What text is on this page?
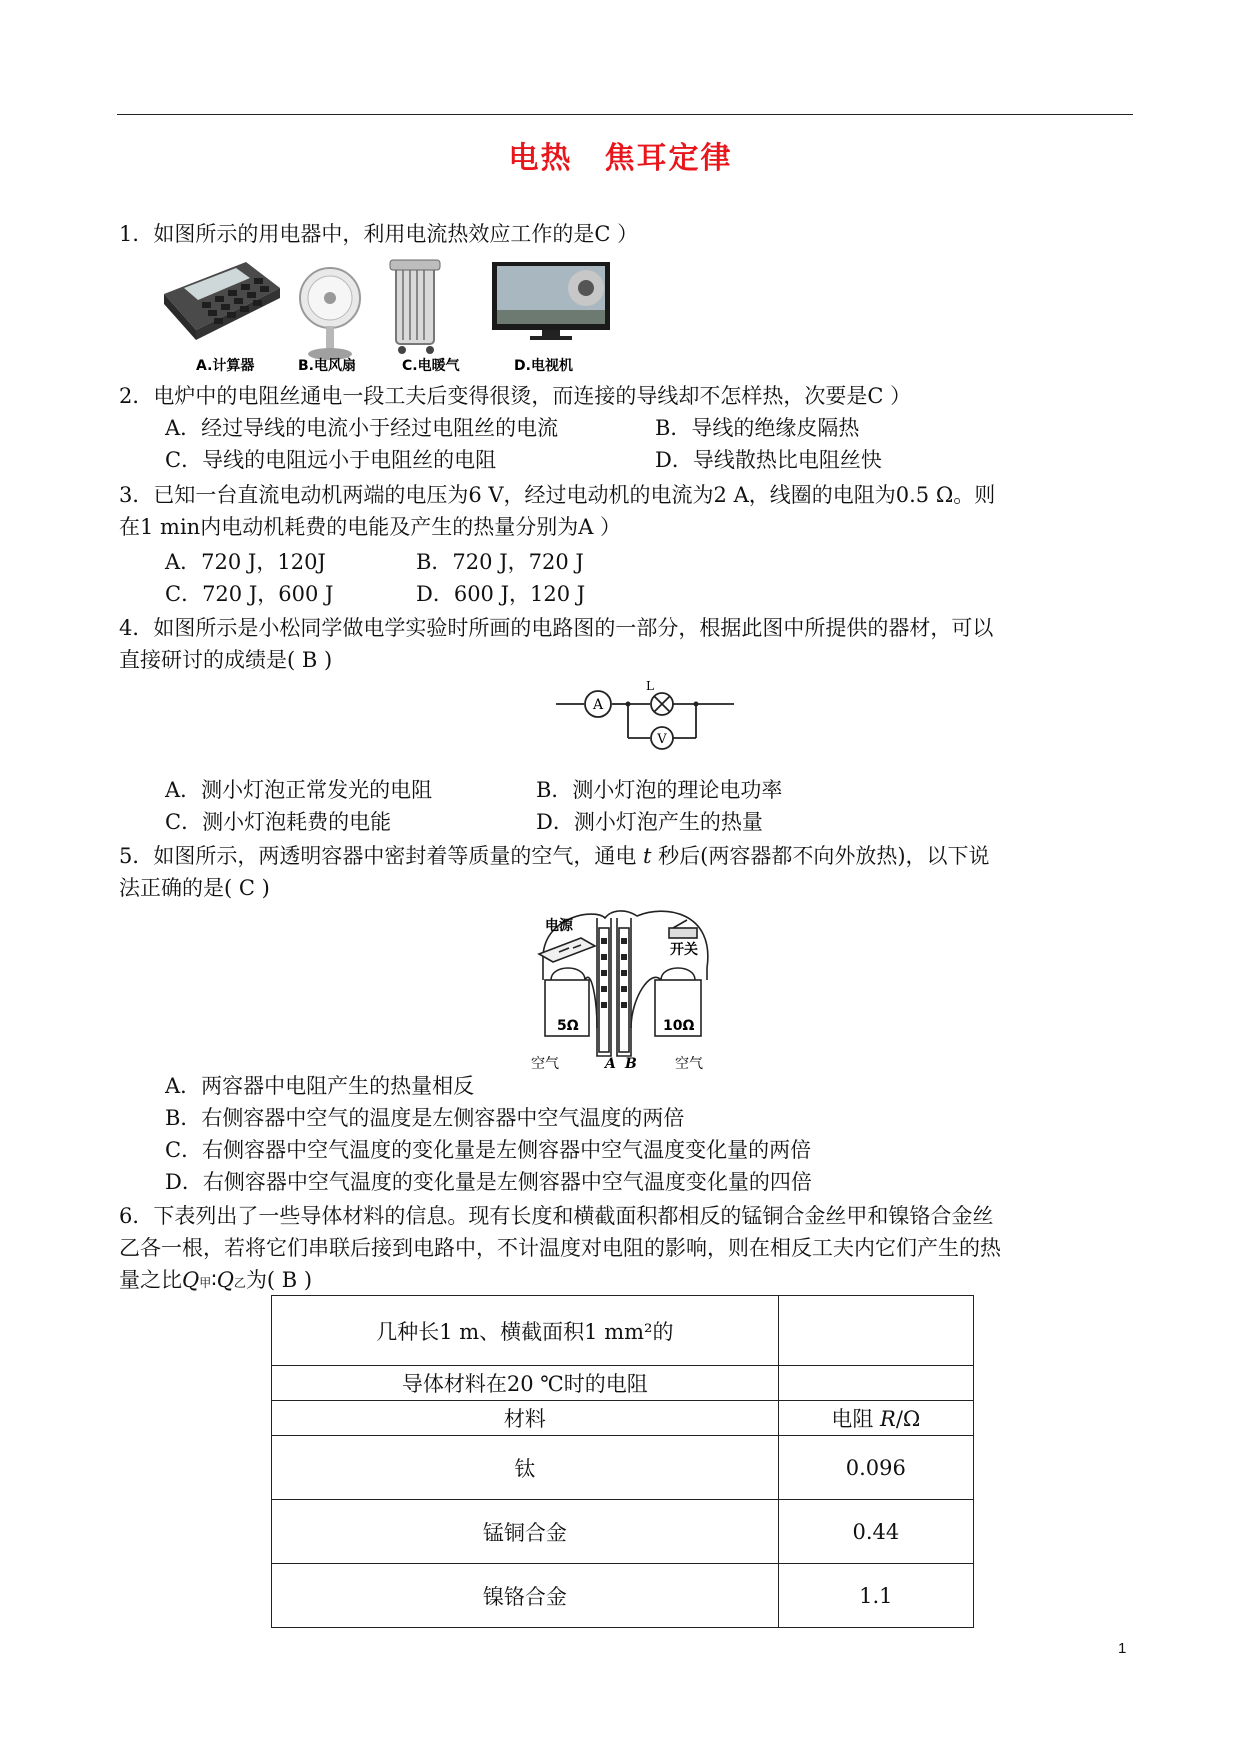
电热　焦耳定律
1．如图所示的用电器中，利用电流热效应工作的是C ）
A.计算器	B.电风扇	C.电暖气	D.电视机
2．电炉中的电阻丝通电一段工夫后变得很烫，而连接的导线却不怎样热，次要是C ）
A．经过导线的电流小于经过电阻丝的电流	B．导线的绝缘皮隔热
C．导线的电阻远小于电阻丝的电阻	D．导线散热比电阻丝快
3．已知一台直流电动机两端的电压为6 V，经过电动机的电流为2 A，线圈的电阻为0.5 Ω。则
在1 min内电动机耗费的电能及产生的热量分别为A ）
A．720 J，120J	B．720 J，720 J
C．720 J，600 J	D．600 J，120 J
4．如图所示是小松同学做电学实验时所画的电路图的一部分，根据此图中所提供的器材，可以
直接研讨的成绩是( B )
A
L
V
A．测小灯泡正常发光的电阻	B．测小灯泡的理论电功率
C．测小灯泡耗费的电能	D．测小灯泡产生的热量
5．如图所示，两透明容器中密封着等质量的空气，通电 t 秒后(两容器都不向外放热)，以下说
法正确的是( C )
电源
开关
5Ω	10Ω
空气	空气
A B
A．两容器中电阻产生的热量相反
B．右侧容器中空气的温度是左侧容器中空气温度的两倍
C．右侧容器中空气温度的变化量是左侧容器中空气温度变化量的两倍
D．右侧容器中空气温度的变化量是左侧容器中空气温度变化量的四倍
6．下表列出了一些导体材料的信息。现有长度和横截面积都相反的锰铜合金丝甲和镍铬合金丝
乙各一根，若将它们串联后接到电路中，不计温度对电阻的影响，则在相反工夫内它们产生的热
量之比Q甲∶Q乙为( B )
几种长1 m、横截面积1 mm²的	
导体材料在20 ℃时的电阻	
材料	电阻 R/Ω
钛	0.096
锰铜合金	0.44
镍铬合金	1.1
1
